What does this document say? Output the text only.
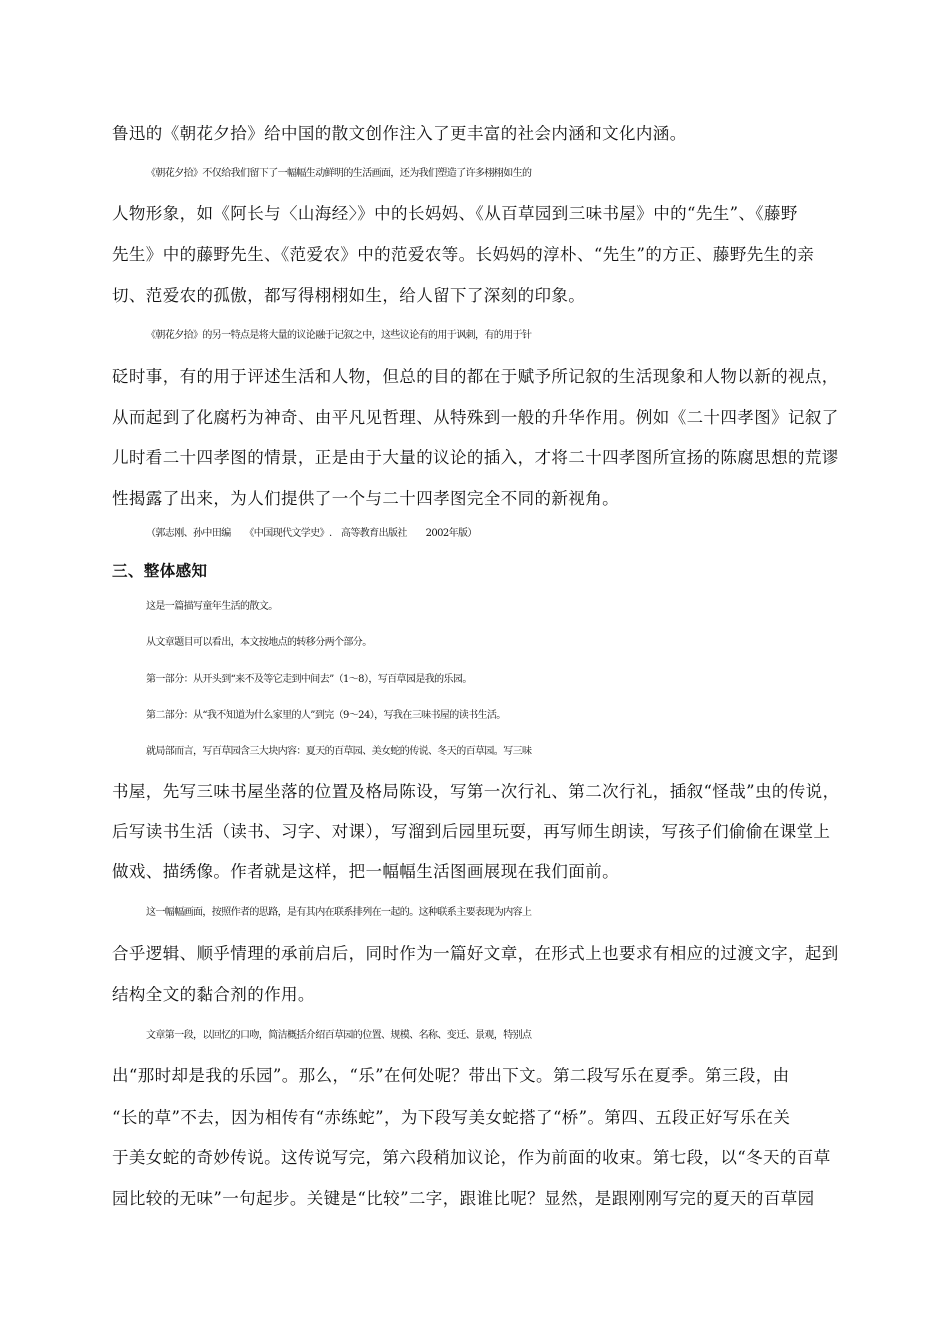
鲁迅的《朝花夕拾》给中国的散文创作注入了更丰富的社会内涵和文化内涵。
《朝花夕拾》不仅给我们留下了一幅幅生动鲜明的生活画面，还为我们塑造了许多栩栩如生的
人物形象，如《阿长与〈山海经〉》中的长妈妈、《从百草园到三味书屋》中的“先生”、《藤野
先生》中的藤野先生、《范爱农》中的范爱农等。长妈妈的淳朴、“先生”的方正、藤野先生的亲
切、范爱农的孤傲，都写得栩栩如生，给人留下了深刻的印象。
《朝花夕拾》的另一特点是将大量的议论融于记叙之中，这些议论有的用于讽刺，有的用于针
砭时事，有的用于评述生活和人物，但总的目的都在于赋予所记叙的生活现象和人物以新的视点，
从而起到了化腐朽为神奇、由平凡见哲理、从特殊到一般的升华作用。例如《二十四孝图》记叙了
儿时看二十四孝图的情景，正是由于大量的议论的插入，才将二十四孝图所宣扬的陈腐思想的荒谬
性揭露了出来，为人们提供了一个与二十四孝图完全不同的新视角。
（郭志刚、孙中田编　　《中国现代文学史》.　高等教育出版社　　2002年版）
三、整体感知
这是一篇描写童年生活的散文。
从文章题目可以看出，本文按地点的转移分两个部分。
第一部分：从开头到“来不及等它走到中间去”（1～8），写百草园是我的乐园。
第二部分：从“我不知道为什么家里的人”到完（9～24），写我在三味书屋的读书生活。
就局部而言，写百草园含三大块内容：夏天的百草园、美女蛇的传说、冬天的百草园。写三味
书屋，先写三味书屋坐落的位置及格局陈设，写第一次行礼、第二次行礼，插叙“怪哉”虫的传说，
后写读书生活（读书、习字、对课），写溜到后园里玩耍，再写师生朗读，写孩子们偷偷在课堂上
做戏、描绣像。作者就是这样，把一幅幅生活图画展现在我们面前。
这一幅幅画面，按照作者的思路，是有其内在联系排列在一起的。这种联系主要表现为内容上
合乎逻辑、顺乎情理的承前启后，同时作为一篇好文章，在形式上也要求有相应的过渡文字，起到
结构全文的黏合剂的作用。
文章第一段，以回忆的口吻，简洁概括介绍百草园的位置、规模、名称、变迁、景观，特别点
出“那时却是我的乐园”。那么，“乐”在何处呢？带出下文。第二段写乐在夏季。第三段，由
“长的草”不去，因为相传有“赤练蛇”，为下段写美女蛇搭了“桥”。第四、五段正好写乐在关
于美女蛇的奇妙传说。这传说写完，第六段稍加议论，作为前面的收束。第七段，以“冬天的百草
园比较的无味”一句起步。关键是“比较”二字，跟谁比呢？显然，是跟刚刚写完的夏天的百草园
